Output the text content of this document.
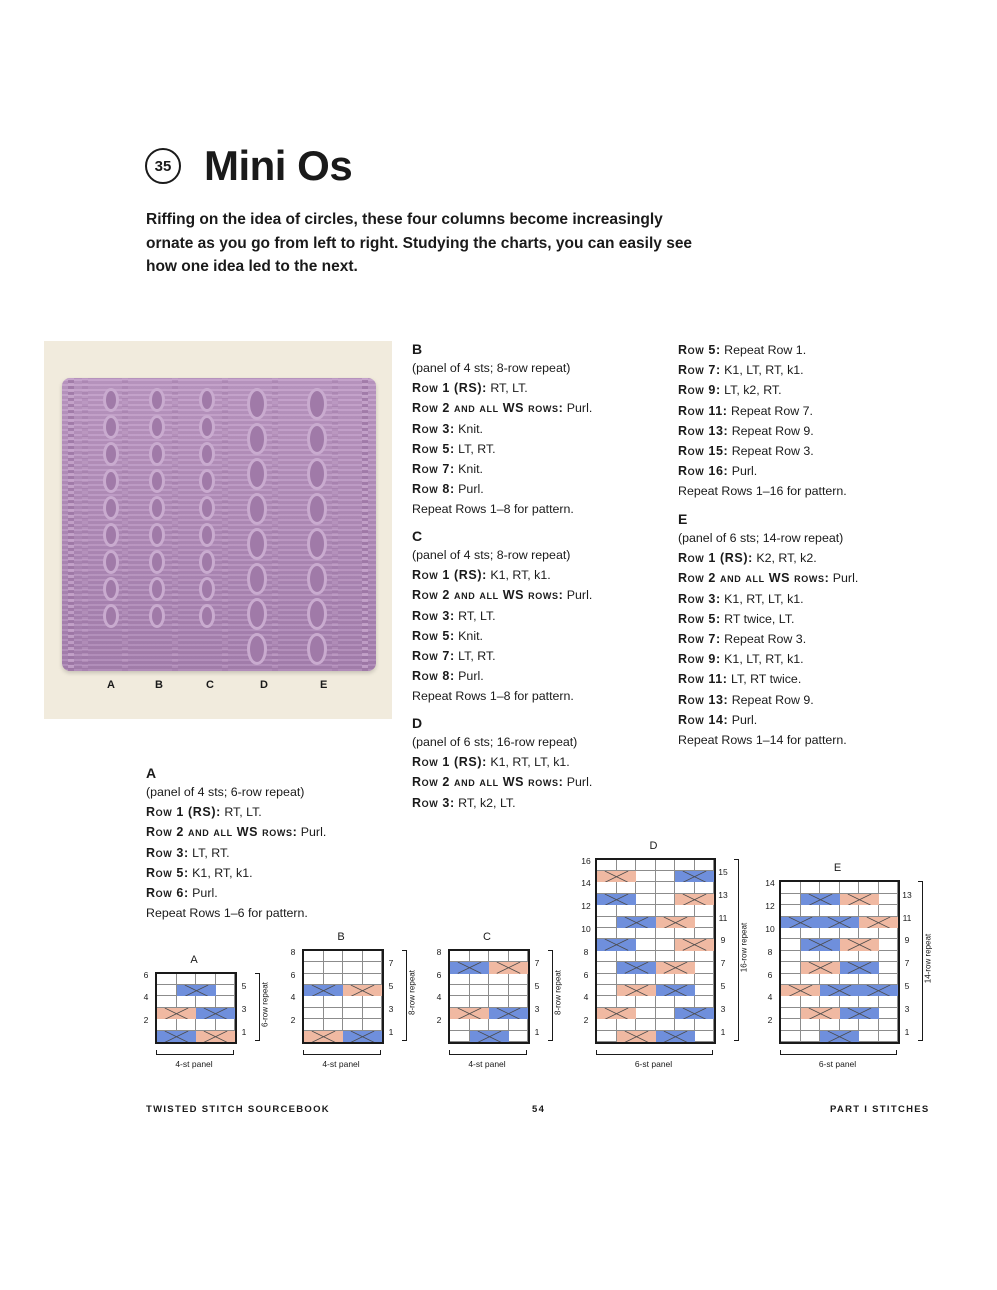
35 Mini Os
Riffing on the idea of circles, these four columns become increasingly ornate as you go from left to right. Studying the charts, you can easily see how one idea led to the next.
A	B	C	D	E
A
(panel of 4 sts; 6-row repeat)
Row 1 (RS): RT, LT.
Row 2 and all WS rows: Purl.
Row 3: LT, RT.
Row 5: K1, RT, k1.
Row 6: Purl.
Repeat Rows 1–6 for pattern.
B
(panel of 4 sts; 8-row repeat)
Row 1 (RS): RT, LT.
Row 2 and all WS rows: Purl.
Row 3: Knit.
Row 5: LT, RT.
Row 7: Knit.
Row 8: Purl.
Repeat Rows 1–8 for pattern.
C
(panel of 4 sts; 8-row repeat)
Row 1 (RS): K1, RT, k1.
Row 2 and all WS rows: Purl.
Row 3: RT, LT.
Row 5: Knit.
Row 7: LT, RT.
Row 8: Purl.
Repeat Rows 1–8 for pattern.
D
(panel of 6 sts; 16-row repeat)
Row 1 (RS): K1, RT, LT, k1.
Row 2 and all WS rows: Purl.
Row 3: RT, k2, LT.
Row 5: Repeat Row 1.
Row 7: K1, LT, RT, k1.
Row 9: LT, k2, RT.
Row 11: Repeat Row 7.
Row 13: Repeat Row 9.
Row 15: Repeat Row 3.
Row 16: Purl.
Repeat Rows 1–16 for pattern.
E
(panel of 6 sts; 14-row repeat)
Row 1 (RS): K2, RT, k2.
Row 2 and all WS rows: Purl.
Row 3: K1, RT, LT, k1.
Row 5: RT twice, LT.
Row 7: Repeat Row 3.
Row 9: K1, LT, RT, k1.
Row 11: LT, RT twice.
Row 13: Repeat Row 9.
Row 14: Purl.
Repeat Rows 1–14 for pattern.
A
6
4
2
5
3
1
6-row repeat
4-st panel
B
8
6
4
2
7
5
3
1
8-row repeat
4-st panel
C
8
6
4
2
7
5
3
1
8-row repeat
4-st panel
D
16
14
12
10
8
6
4
2
15
13
11
9
7
5
3
1
16-row repeat
6-st panel
E
14
12
10
8
6
4
2
13
11
9
7
5
3
1
14-row repeat
6-st panel
TWISTED STITCH SOURCEBOOK	54	PART I STITCHES
